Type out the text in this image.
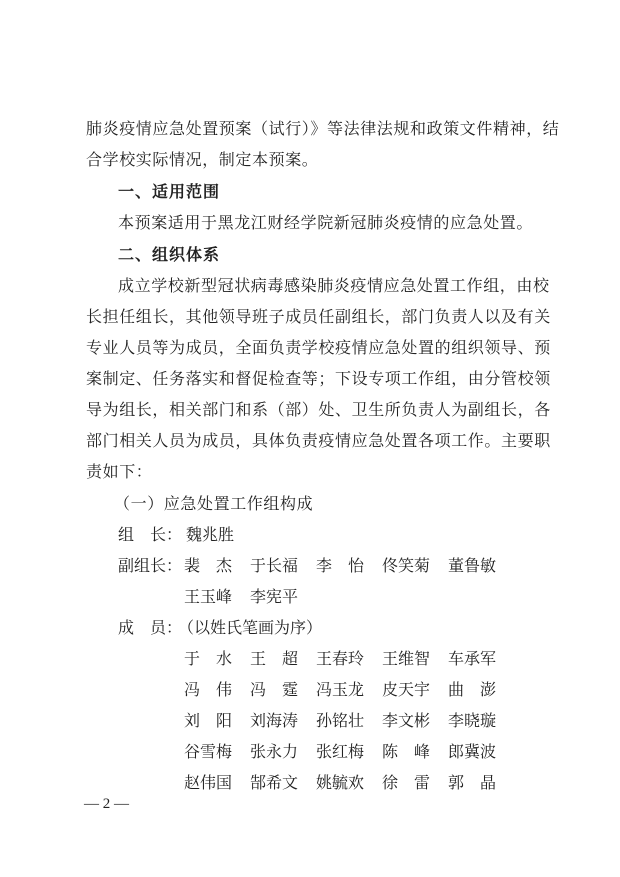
肺炎疫情应急处置预案（试行）》等法律法规和政策文件精神，结
合学校实际情况，制定本预案。
一、适用范围
本预案适用于黑龙江财经学院新冠肺炎疫情的应急处置。
二、组织体系
成立学校新型冠状病毒感染肺炎疫情应急处置工作组，由校
长担任组长，其他领导班子成员任副组长，部门负责人以及有关
专业人员等为成员，全面负责学校疫情应急处置的组织领导、预
案制定、任务落实和督促检查等；下设专项工作组，由分管校领
导为组长，相关部门和系（部）处、卫生所负责人为副组长，各
部门相关人员为成员，具体负责疫情应急处置各项工作。主要职
责如下：
（一）应急处置工作组构成
组　长： 魏兆胜
副组长： 裴　杰 于长福 李　怡 佟笑菊 董鲁敏
王玉峰 李宪平
成　员：
（以姓氏笔画为序）
于　水 王　超 王春玲 王维智 车承军
冯　伟 冯　霆 冯玉龙 皮天宇 曲　澎
刘　阳 刘海涛 孙铭壮 李文彬 李晓璇
谷雪梅 张永力 张红梅 陈　峰 郎冀波
赵伟国 郜希文 姚毓欢 徐　雷 郭　晶
— 2 —
